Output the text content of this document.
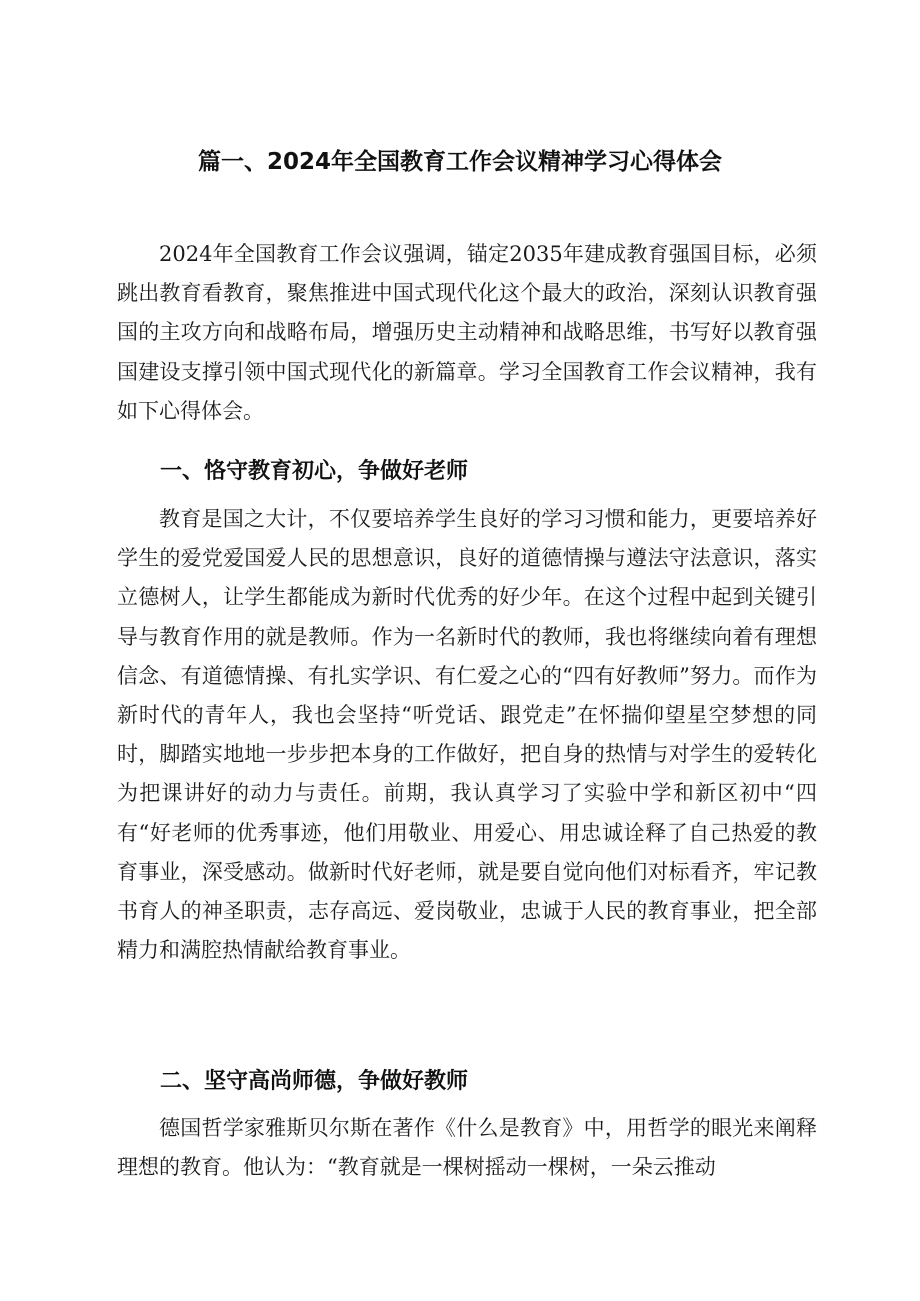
篇一、2024年全国教育工作会议精神学习心得体会

2024年全国教育工作会议强调，锚定2035年建成教育强国目标，必须跳出教育看教育，聚焦推进中国式现代化这个最大的政治，深刻认识教育强国的主攻方向和战略布局，增强历史主动精神和战略思维，书写好以教育强国建设支撑引领中国式现代化的新篇章。学习全国教育工作会议精神，我有如下心得体会。

一、恪守教育初心，争做好老师

教育是国之大计，不仅要培养学生良好的学习习惯和能力，更要培养好学生的爱党爱国爱人民的思想意识，良好的道德情操与遵法守法意识，落实立德树人，让学生都能成为新时代优秀的好少年。在这个过程中起到关键引导与教育作用的就是教师。作为一名新时代的教师，我也将继续向着有理想信念、有道德情操、有扎实学识、有仁爱之心的“四有好教师”努力。而作为新时代的青年人，我也会坚持“听党话、跟党走”在怀揣仰望星空梦想的同时，脚踏实地地一步步把本身的工作做好，把自身的热情与对学生的爱转化为把课讲好的动力与责任。前期，我认真学习了实验中学和新区初中“四有“好老师的优秀事迹，他们用敬业、用爱心、用忠诚诠释了自己热爱的教育事业，深受感动。做新时代好老师，就是要自觉向他们对标看齐，牢记教书育人的神圣职责，志存高远、爱岗敬业，忠诚于人民的教育事业，把全部精力和满腔热情献给教育事业。

二、坚守高尚师德，争做好教师

德国哲学家雅斯贝尔斯在著作《什么是教育》中，用哲学的眼光来阐释理想的教育。他认为：“教育就是一棵树摇动一棵树，一朵云推动
